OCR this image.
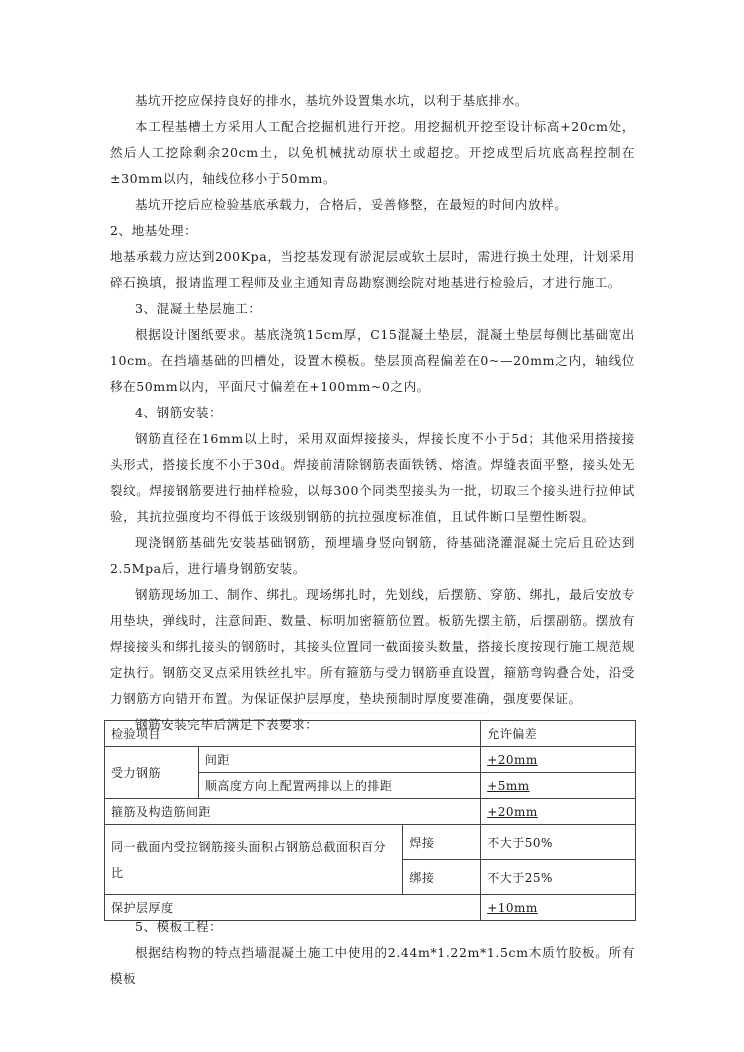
基坑开挖应保持良好的排水，基坑外设置集水坑，以利于基底排水。

本工程基槽土方采用人工配合挖掘机进行开挖。用挖掘机开挖至设计标高+20cm处，然后人工挖除剩余20cm土，以免机械扰动原状土或超挖。开挖成型后坑底高程控制在±30mm以内，轴线位移小于50mm。

基坑开挖后应检验基底承载力，合格后，妥善修整，在最短的时间内放样。

2、地基处理：

地基承载力应达到200Kpa，当挖基发现有淤泥层或软土层时，需进行换土处理，计划采用碎石换填，报请监理工程师及业主通知青岛勘察测绘院对地基进行检验后，才进行施工。

3、混凝土垫层施工：

根据设计图纸要求。基底浇筑15cm厚，C15混凝土垫层，混凝土垫层每侧比基础宽出10cm。在挡墙基础的凹槽处，设置木模板。垫层顶高程偏差在0~—20mm之内，轴线位移在50mm以内，平面尺寸偏差在+100mm~0之内。

4、钢筋安装：

钢筋直径在16mm以上时，采用双面焊接接头，焊接长度不小于5d；其他采用搭接接头形式，搭接长度不小于30d。焊接前清除钢筋表面铁锈、熔渣。焊缝表面平整，接头处无裂纹。焊接钢筋要进行抽样检验，以每300个同类型接头为一批，切取三个接头进行拉伸试验，其抗拉强度均不得低于该级别钢筋的抗拉强度标准值，且试件断口呈塑性断裂。

现浇钢筋基础先安装基础钢筋，预埋墙身竖向钢筋，待基础浇灌混凝土完后且砼达到2.5Mpa后，进行墙身钢筋安装。

钢筋现场加工、制作、绑扎。现场绑扎时，先划线，后摆筋、穿筋、绑扎，最后安放专用垫块，弹线时，注意间距、数量、标明加密箍筋位置。板筋先摆主筋，后摆副筋。摆放有焊接接头和绑扎接头的钢筋时，其接头位置同一截面接头数量，搭接长度按现行施工规范规定执行。钢筋交叉点采用铁丝扎牢。所有箍筋与受力钢筋垂直设置，箍筋弯钩叠合处，沿受力钢筋方向错开布置。为保证保护层厚度，垫块预制时厚度要准确，强度要保证。

钢筋安装完毕后满足下表要求：

检验项目			允许偏差
受力钢筋	间距		+20mm
	顺高度方向上配置两排以上的排距		+5mm
箍筋及构造筋间距			+20mm
同一截面内受拉钢筋接头面积占钢筋总截面积百分比		焊接	不大于50%
		绑接	不大于25%
保护层厚度			+10mm

5、模板工程：

根据结构物的特点挡墙混凝土施工中使用的2.44m*1.22m*1.5cm木质竹胶板。所有模板
